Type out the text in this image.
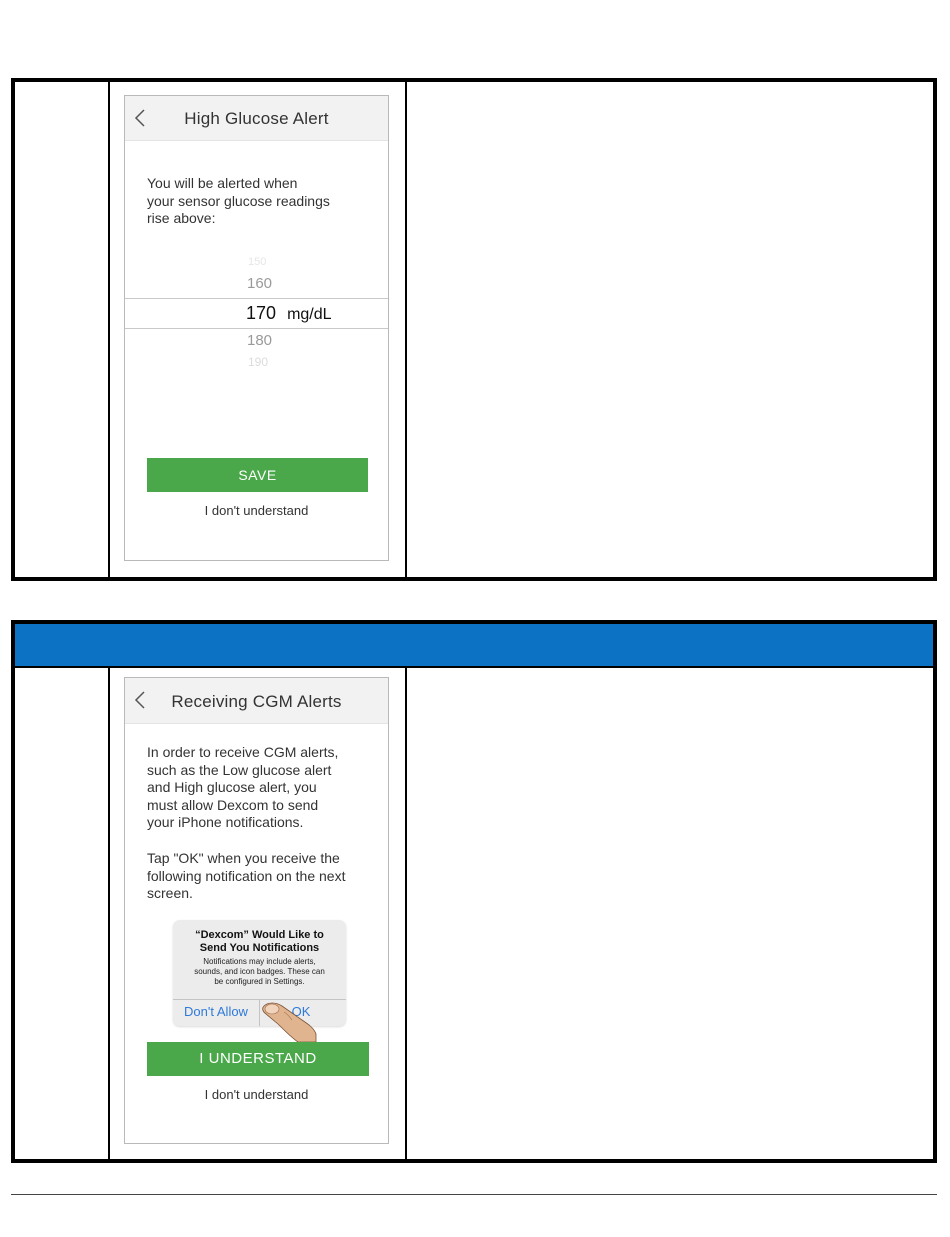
High Glucose Alert
You will be alerted when
your sensor glucose readings
rise above:
150
160
170 mg/dL
180
190
SAVE
I don't understand
Receiving CGM Alerts
In order to receive CGM alerts,
such as the Low glucose alert
and High glucose alert, you
must allow Dexcom to send
your iPhone notifications.
Tap "OK" when you receive the
following notification on the next
screen.
“Dexcom” Would Like to
Send You Notifications
Notifications may include alerts,
sounds, and icon badges. These can
be configured in Settings.
Don't Allow	OK
I UNDERSTAND
I don't understand
